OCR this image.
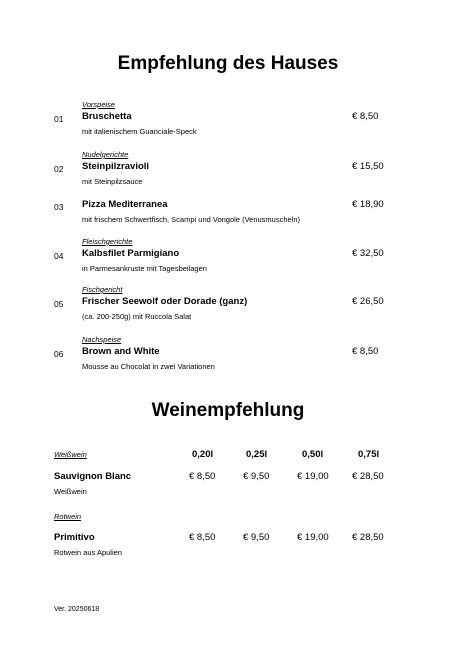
Empfehlung des Hauses
Vorspeise
01 Bruschetta	€ 8,50
mit italienischem Guanciale-Speck
Nudelgerichte
02 Steinpilzravioli	€ 15,50
mit Steinpilzsauce
03 Pizza Mediterranea	€ 18,90
mit frischem Schwertfisch, Scampi und Vongole (Venusmuscheln)
Fleischgerichte
04 Kalbsfilet Parmigiano	€ 32,50
in Parmesankruste mit Tagesbeilagen
Fischgericht
05 Frischer Seewolf oder Dorade (ganz)	€ 26,50
(ca. 200-250g) mit Ruccola Salat
Nachspeise
06 Brown and White	€ 8,50
Mousse au Chocolat in zwei Variationen
Weinempfehlung
Weißwein	0,20l	0,25l	0,50l	0,75l
Sauvignon Blanc	€ 8,50	€ 9,50	€ 19,00 € 28,50
Weißwein
Rotwein
Primitivo	€ 8,50	€ 9,50	€ 19,00 € 28,50
Rotwein aus Apulien
Ver. 20250618
